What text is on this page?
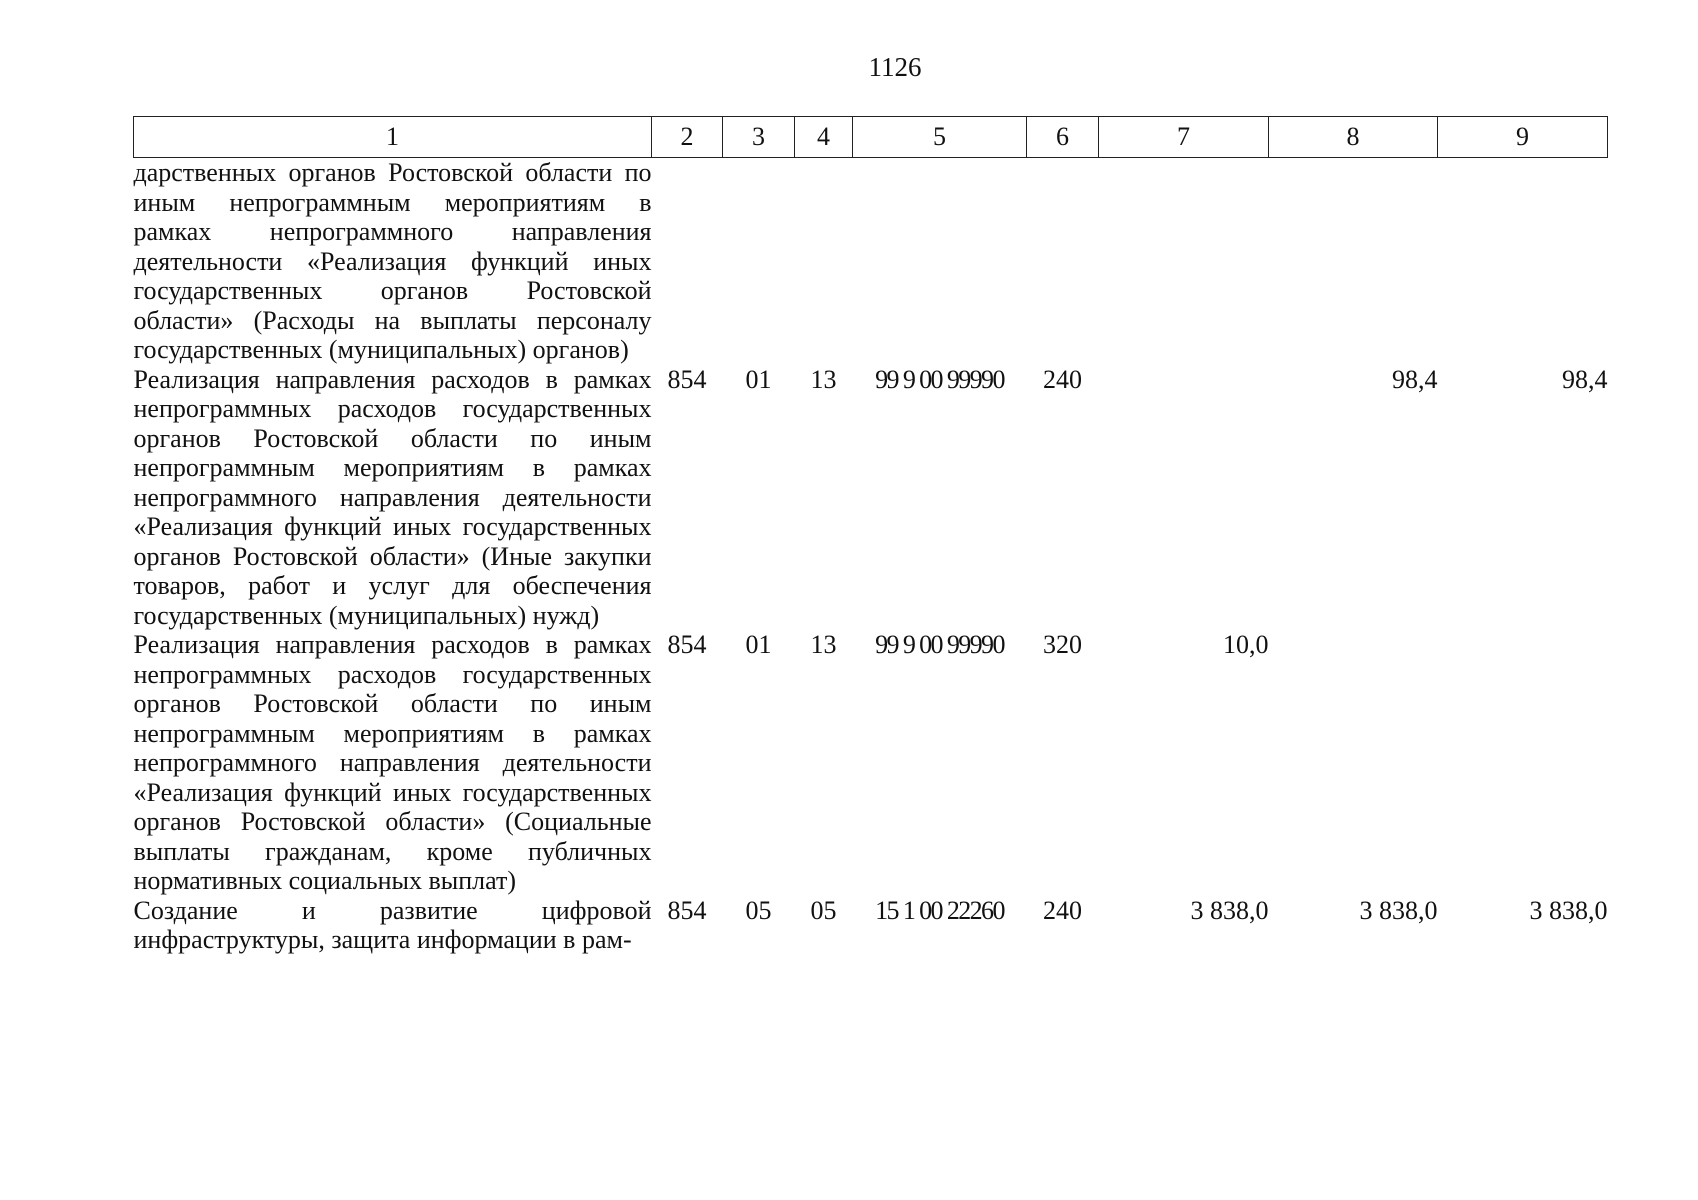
1126
1	2	3	4	5	6	7	8	9
дарственных органов Ростовской области по иным непрограммным мероприятиям в рамках непрограммного направления деятельности «Реализация функций иных государственных органов Ростовской области» (Расходы на выплаты персоналу государственных (муниципальных) органов)								
Реализация направления расходов в рамках непрограммных расходов государственных органов Ростовской области по иным непрограммным мероприятиям в рамках непрограммного направления деятельности «Реализация функций иных государственных органов Ростовской области» (Иные закупки товаров, работ и услуг для обеспечения государственных (муниципальных) нужд)	854	01	13	99 9 00 99990	240		98,4	98,4
Реализация направления расходов в рамках непрограммных расходов государственных органов Ростовской области по иным непрограммным мероприятиям в рамках непрограммного направления деятельности «Реализация функций иных государственных органов Ростовской области» (Социальные выплаты гражданам, кроме публичных нормативных социальных выплат)	854	01	13	99 9 00 99990	320	10,0		
Создание и развитие цифровой инфраструктуры, защита информации в рам-	854	05	05	15 1 00 22260	240	3 838,0	3 838,0	3 838,0
